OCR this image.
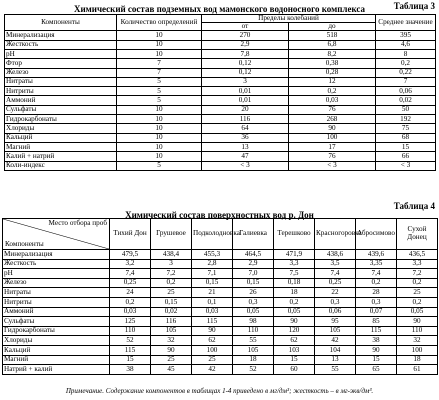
Таблица 3
Химический состав подземных вод мамонского водоносного комплекса
Компоненты	Количество определений	Пределы колебаний		Среднее значение
		от	до	
Минерализация	10	270	518	395
Жесткость	10	2,9	6,8	4,6
pH	10	7,8	8,2	8
Фтор	7	0,12	0,38	0,2
Железо	7	0,12	0,28	0,22
Нитраты	5	3	12	7
Нитриты	5	0,01	0,2	0,06
Аммоний	5	0,01	0,03	0,02
Сульфаты	10	20	76	50
Гидрокарбонаты	10	116	268	192
Хлориды	10	64	90	75
Кальций	10	36	100	68
Магний	10	13	17	15
Калий + натрий	10	47	76	66
Коли-индекс	5	< 3	< 3	< 3
Таблица 4
Химический состав поверхностных вод р. Дон
Место отбора проб
Компоненты	Тихий Дон	Грушевое	Подколодновка	Галиевка	Терешково	Красногоровка	Абросимово	Сухой Донец
Минерализация	479,5	438,4	455,3	464,5	471,9	438,6	439,6	436,5
Жесткость	3,2	3	2,8	2,9	3,3	3,5	3,35	3,3
pH	7,4	7,2	7,1	7,0	7,5	7,4	7,4	7,2
Железо	0,25	0,2	0,15	0,15	0,18	0,25	0,2	0,2
Нитраты	24	25	21	26	18	22	28	25
Нитриты	0,2	0,15	0,1	0,3	0,2	0,3	0,3	0,2
Аммоний	0,03	0,02	0,03	0,05	0,05	0,06	0,07	0,05
Сульфаты	125	116	115	98	90	95	85	90
Гидрокарбонаты	110	105	90	110	120	105	115	110
Хлориды	52	32	62	55	62	42	38	32
Кальций	115	90	100	105	103	104	90	100
Магний	15	25	25	18	15	13	15	18
Натрий + калий	38	45	42	52	60	55	65	61
Примечание. Содержание компонентов в таблицах 1-4 приведено в мг/дм³; жесткость – в мг-экв/дм³.
